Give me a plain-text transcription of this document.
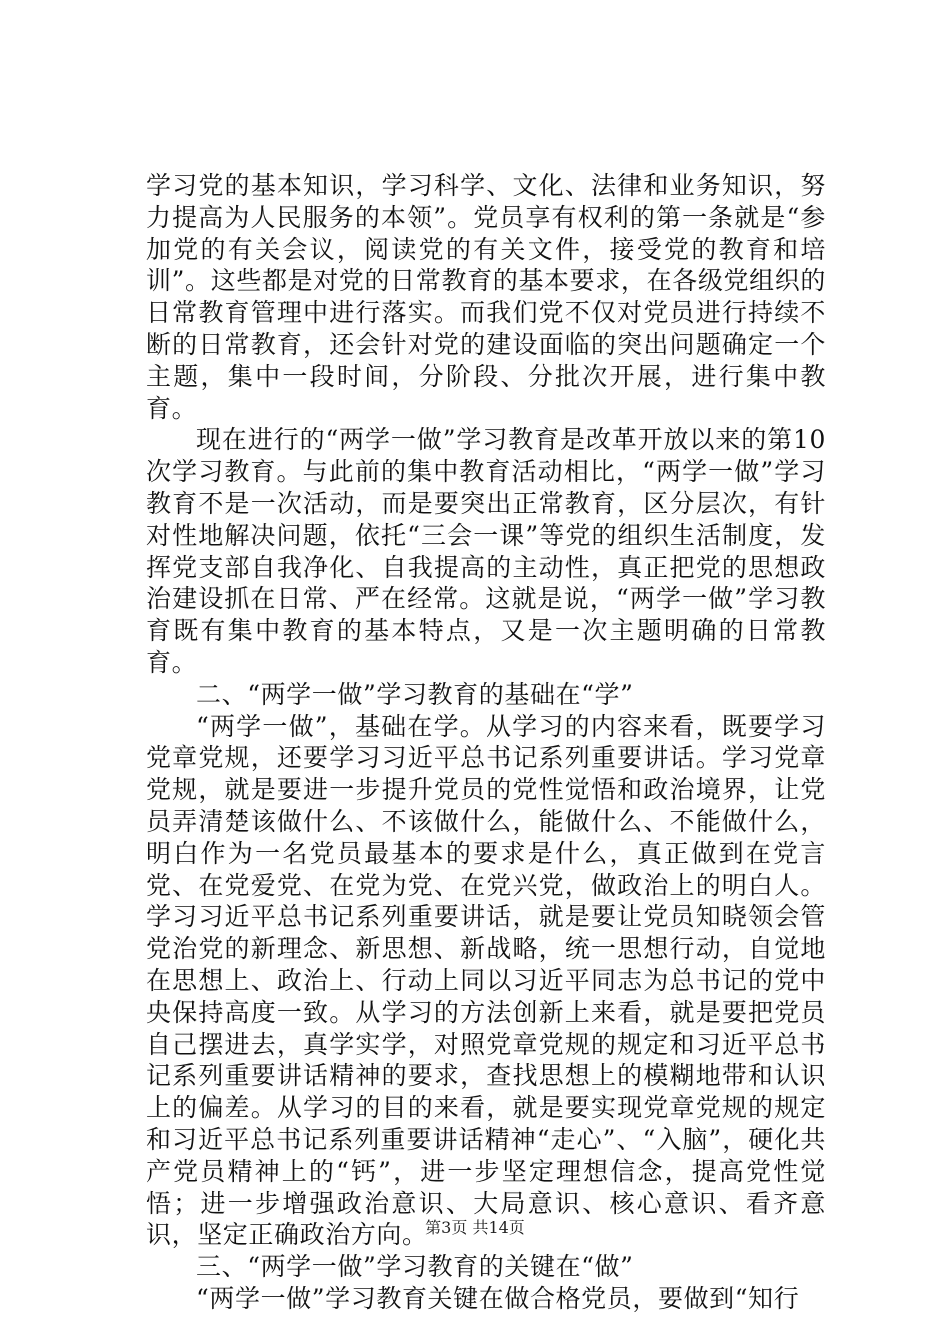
学习党的基本知识，学习科学、文化、法律和业务知识，努力提高为人民服务的本领”。党员享有权利的第一条就是“参加党的有关会议，阅读党的有关文件，接受党的教育和培训”。这些都是对党的日常教育的基本要求，在各级党组织的日常教育管理中进行落实。而我们党不仅对党员进行持续不断的日常教育，还会针对党的建设面临的突出问题确定一个主题，集中一段时间，分阶段、分批次开展，进行集中教育。

现在进行的“两学一做”学习教育是改革开放以来的第10次学习教育。与此前的集中教育活动相比，“两学一做”学习教育不是一次活动，而是要突出正常教育，区分层次，有针对性地解决问题，依托“三会一课”等党的组织生活制度，发挥党支部自我净化、自我提高的主动性，真正把党的思想政治建设抓在日常、严在经常。这就是说，“两学一做”学习教育既有集中教育的基本特点，又是一次主题明确的日常教育。

二、“两学一做”学习教育的基础在“学”

“两学一做”，基础在学。从学习的内容来看，既要学习党章党规，还要学习习近平总书记系列重要讲话。学习党章党规，就是要进一步提升党员的党性觉悟和政治境界，让党员弄清楚该做什么、不该做什么，能做什么、不能做什么，明白作为一名党员最基本的要求是什么，真正做到在党言党、在党爱党、在党为党、在党兴党，做政治上的明白人。学习习近平总书记系列重要讲话，就是要让党员知晓领会管党治党的新理念、新思想、新战略，统一思想行动，自觉地在思想上、政治上、行动上同以习近平同志为总书记的党中央保持高度一致。从学习的方法创新上来看，就是要把党员自己摆进去，真学实学，对照党章党规的规定和习近平总书记系列重要讲话精神的要求，查找思想上的模糊地带和认识上的偏差。从学习的目的来看，就是要实现党章党规的规定和习近平总书记系列重要讲话精神“走心”、“入脑”，硬化共产党员精神上的“钙”，进一步坚定理想信念，提高党性觉悟；进一步增强政治意识、大局意识、核心意识、看齐意识，坚定正确政治方向。

三、“两学一做”学习教育的关键在“做”

“两学一做”学习教育关键在做合格党员，要做到“知行

第3页 共14页
